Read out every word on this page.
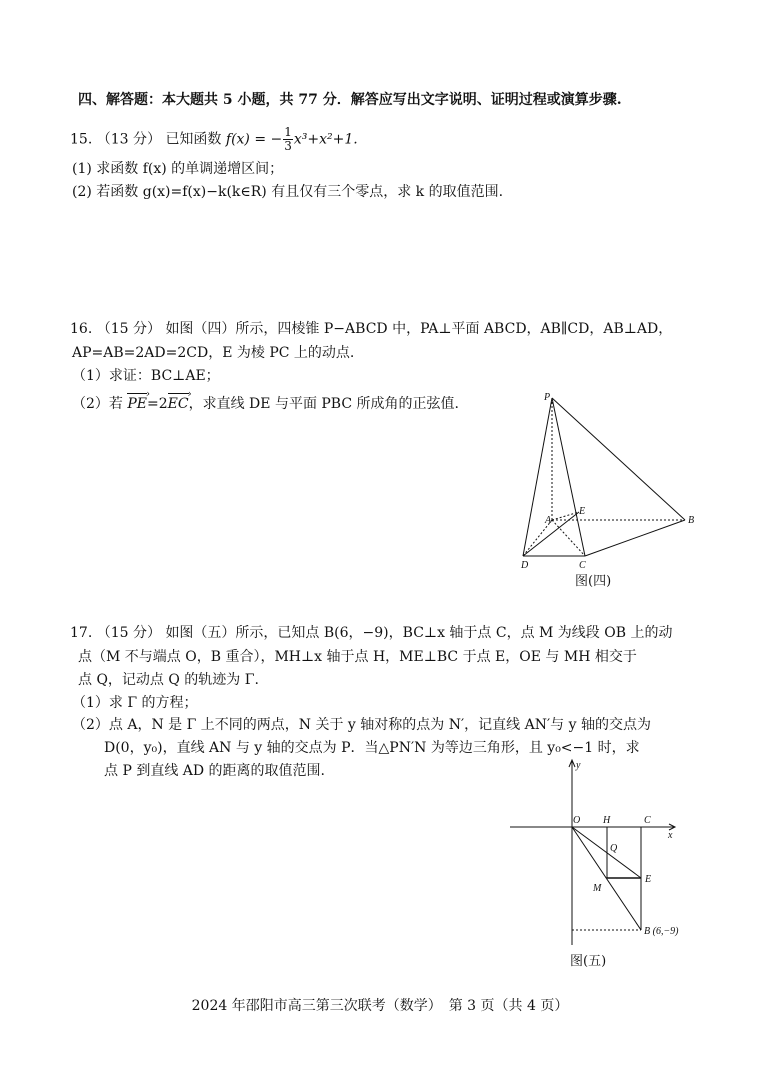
四、解答题：本大题共 5 小题，共 77 分．解答应写出文字说明、证明过程或演算步骤.
15. （13 分） 已知函数 f(x) = − $\frac{1}{3} x^3+x^2+1$.
(1) 求函数 f(x) 的单调递增区间；
(2) 若函数 g(x)=f(x)−k(k∈R) 有且仅有三个零点，求 k 的取值范围.
16. （15 分） 如图（四）所示，四棱锥 P−ABCD 中，PA⊥平面 ABCD，AB∥CD，AB⊥AD，
AP=AB=2AD=2CD，E 为棱 PC 上的动点.
（1）求证：BC⊥AE；
（2）若 PE ›=2EC ›，求直线 DE 与平面 PBC 所成角的正弦值.	P
A	B
C
D
E
图(四)
17. （15 分） 如图（五）所示，已知点 B(6，−9)，BC⊥x 轴于点 C，点 M 为线段 OB 上的动
点（M 不与端点 O，B 重合），MH⊥x 轴于点 H，ME⊥BC 于点 E，OE 与 MH 相交于
点 Q，记动点 Q 的轨迹为 Γ.
（1）求 Γ 的方程；
（2）点 A，N 是 Γ 上不同的两点，N 关于 y 轴对称的点为 N′，记直线 AN′与 y 轴的交点为
D(0，y₀)，直线 AN 与 y 轴的交点为 P．当△PN′N 为等边三角形，且 y₀<−1 时，求
点 P 到直线 AD 的距离的取值范围.	y
x
O H	C
Q
M
E
B (6,−9)
图(五)
2024 年邵阳市高三第三次联考（数学）　第 3 页（共 4 页）
